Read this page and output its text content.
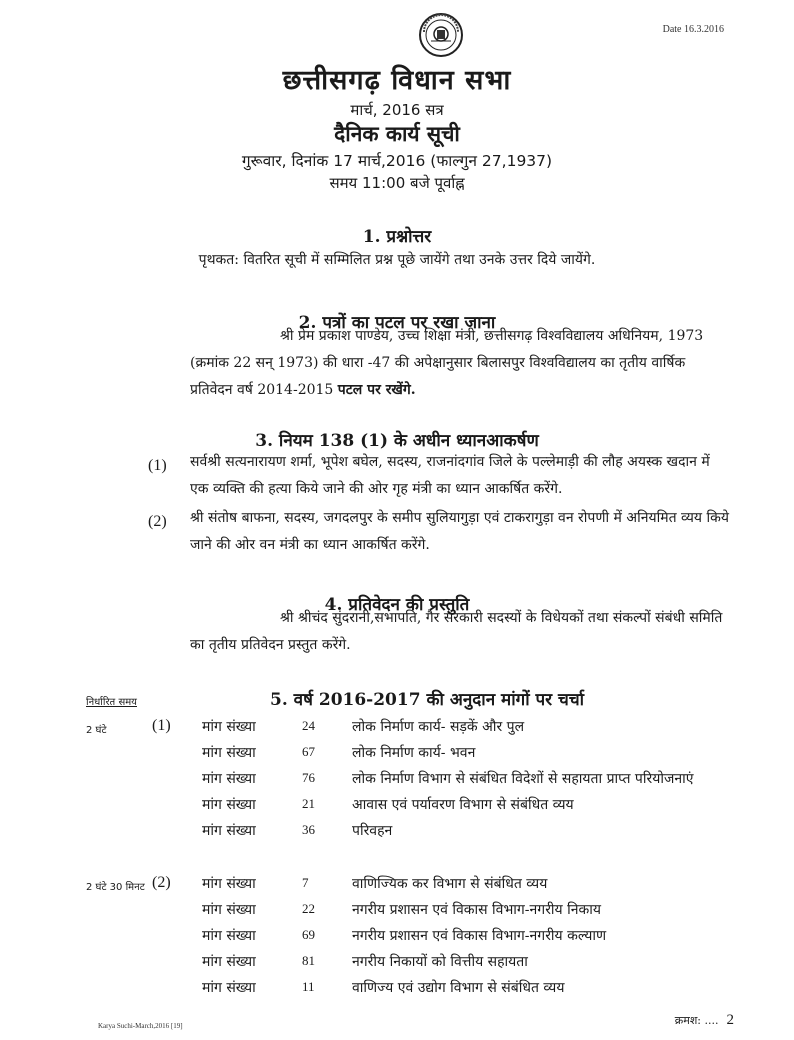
Date 16.3.2016
छत्तीसगढ़ विधान सभा
मार्च, 2016 सत्र
दैनिक कार्य सूची
गुरूवार, दिनांक 17 मार्च,2016 (फाल्गुन 27,1937)
समय 11:00 बजे पूर्वाह्न
1. प्रश्नोत्तर
पृथकत: वितरित सूची में सम्मिलित प्रश्न पूछे जायेंगे तथा उनके उत्तर दिये जायेंगे.
2. पत्रों का पटल पर रखा जाना
श्री प्रेम प्रकाश पाण्डेय, उच्च शिक्षा मंत्री, छत्तीसगढ़ विश्वविद्यालय अधिनियम, 1973 (क्रमांक 22 सन् 1973) की धारा -47 की अपेक्षानुसार बिलासपुर विश्वविद्यालय का तृतीय वार्षिक प्रतिवेदन वर्ष 2014-2015 पटल पर रखेंगे.
3. नियम 138 (1) के अधीन ध्यानआकर्षण
(1) सर्वश्री सत्यनारायण शर्मा, भूपेश बघेल, सदस्य, राजनांदगांव जिले के पल्लेमाड़ी की लौह अयस्क खदान में एक व्यक्ति की हत्या किये जाने की ओर गृह मंत्री का ध्यान आकर्षित करेंगे.
(2) श्री संतोष बाफना, सदस्य, जगदलपुर के समीप सुलियागुड़ा एवं टाकरागुड़ा वन रोपणी में अनियमित व्यय किये जाने की ओर वन मंत्री का ध्यान आकर्षित करेंगे.
4. प्रतिवेदन की प्रस्तुति
श्री श्रीचंद सुंदरानी,सभापति, गैर सरकारी सदस्यों के विधेयकों तथा संकल्पों संबंधी समिति का तृतीय प्रतिवेदन प्रस्तुत करेंगे.
निर्धारित समय	5. वर्ष 2016-2017 की अनुदान मांगों पर चर्चा
2 घंटे	(1) मांग संख्या	24	लोक निर्माण कार्य- सड़कें और पुल
मांग संख्या	67	लोक निर्माण कार्य- भवन
मांग संख्या	76	लोक निर्माण विभाग से संबंधित विदेशों से सहायता प्राप्त परियोजनाएं
मांग संख्या	21	आवास एवं पर्यावरण विभाग से संबंधित व्यय
मांग संख्या	36	परिवहन
2 घंटे 30 मिनट (2) मांग संख्या	7	वाणिज्यिक कर विभाग से संबंधित व्यय
मांग संख्या	22	नगरीय प्रशासन एवं विकास विभाग-नगरीय निकाय
मांग संख्या	69	नगरीय प्रशासन एवं विकास विभाग-नगरीय कल्याण
मांग संख्या	81	नगरीय निकायों को वित्तीय सहायता
मांग संख्या	11	वाणिज्य एवं उद्योग विभाग से संबंधित व्यय
Karya Suchi-March,2016 [19]	क्रमश: .... 2
